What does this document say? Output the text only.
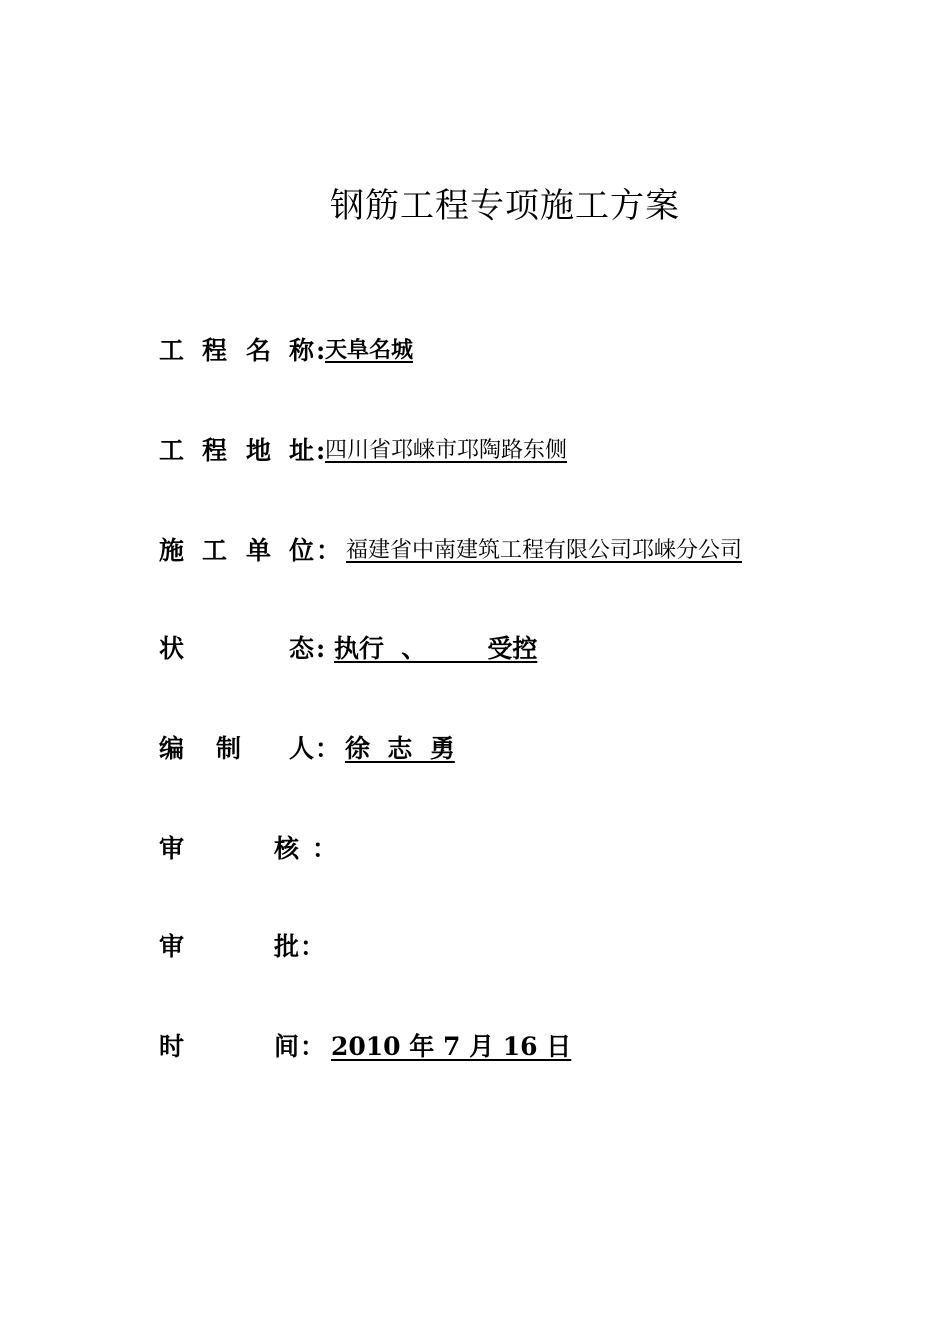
钢筋工程专项施工方案
工 程 名 称 : 天阜名城
工 程 地 址 : 四川省邛崃市邛陶路东侧
施 工 单 位 ： 福建省中南建筑工程有限公司邛崃分公司
状	态 : 执行  、       受控
编 制 人 ： 徐  志  勇
审	核 ：
审	批 ：
时	间 ： 2010 年 7 月 16 日
